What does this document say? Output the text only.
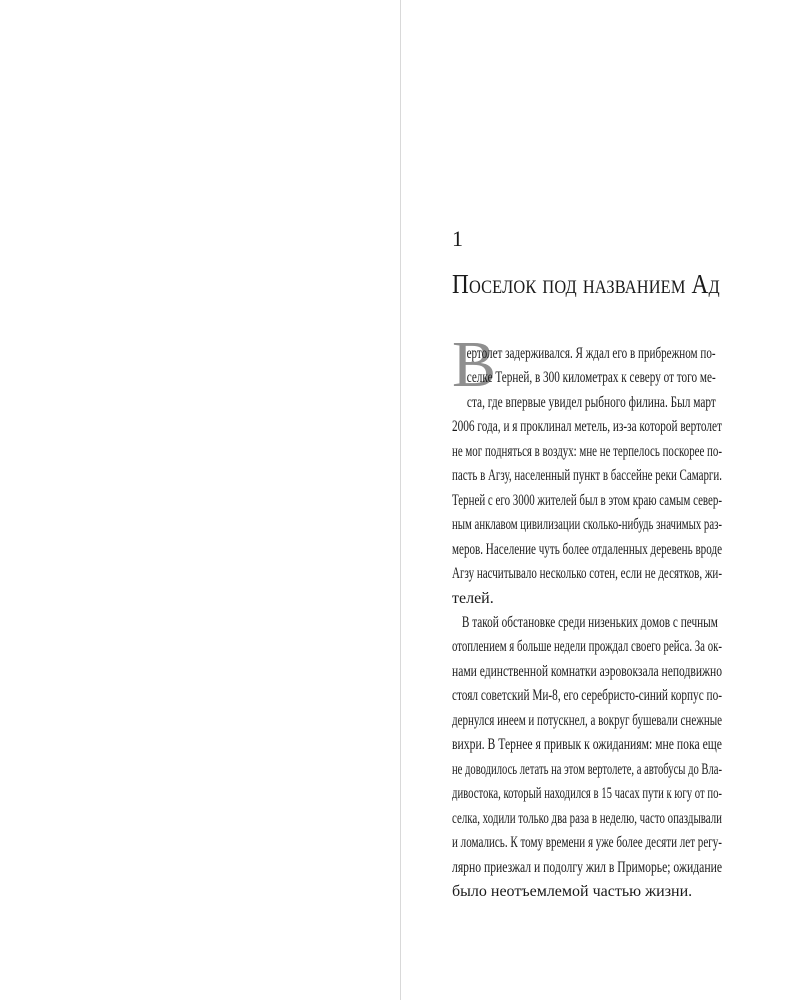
1
Поселок под названием Ад
В
ертолет задерживался. Я ждал его в прибрежном по-
селке Терней, в 300 километрах к северу от того ме-
ста, где впервые увидел рыбного филина. Был март
2006 года, и я проклинал метель, из-за которой вертолет
не мог подняться в воздух: мне не терпелось поскорее по-
пасть в Агзу, населенный пункт в бассейне реки Самарги.
Терней с его 3000 жителей был в этом краю самым север-
ным анклавом цивилизации сколько-нибудь значимых раз-
меров. Население чуть более отдаленных деревень вроде
Агзу насчитывало несколько сотен, если не десятков, жи-
телей.
В такой обстановке среди низеньких домов с печным
отоплением я больше недели прождал своего рейса. За ок-
нами единственной комнатки аэровокзала неподвижно
стоял советский Ми-8, его серебристо-синий корпус по-
дернулся инеем и потускнел, а вокруг бушевали снежные
вихри. В Тернее я привык к ожиданиям: мне пока еще
не доводилось летать на этом вертолете, а автобусы до Вла-
дивостока, который находился в 15 часах пути к югу от по-
селка, ходили только два раза в неделю, часто опаздывали
и ломались. К тому времени я уже более десяти лет регу-
лярно приезжал и подолгу жил в Приморье; ожидание
было неотъемлемой частью жизни.
